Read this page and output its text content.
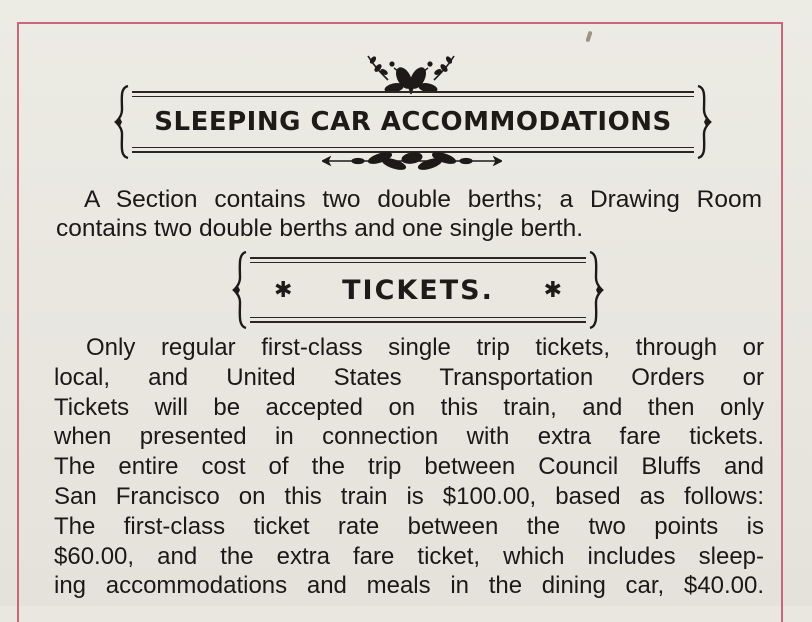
SLEEPING CAR ACCOMMODATIONS

A Section contains two double berths; a Drawing Room
contains two double berths and one single berth.

✱	✱
TICKETS.

Only regular first-class single trip tickets, through or
local, and United States Transportation Orders or
Tickets will be accepted on this train, and then only
when presented in connection with extra fare tickets.
The entire cost of the trip between Council Bluffs and
San Francisco on this train is $100.00, based as follows:
The first-class ticket rate between the two points is
$60.00, and the extra fare ticket, which includes sleep-
ing accommodations and meals in the dining car, $40.00.
